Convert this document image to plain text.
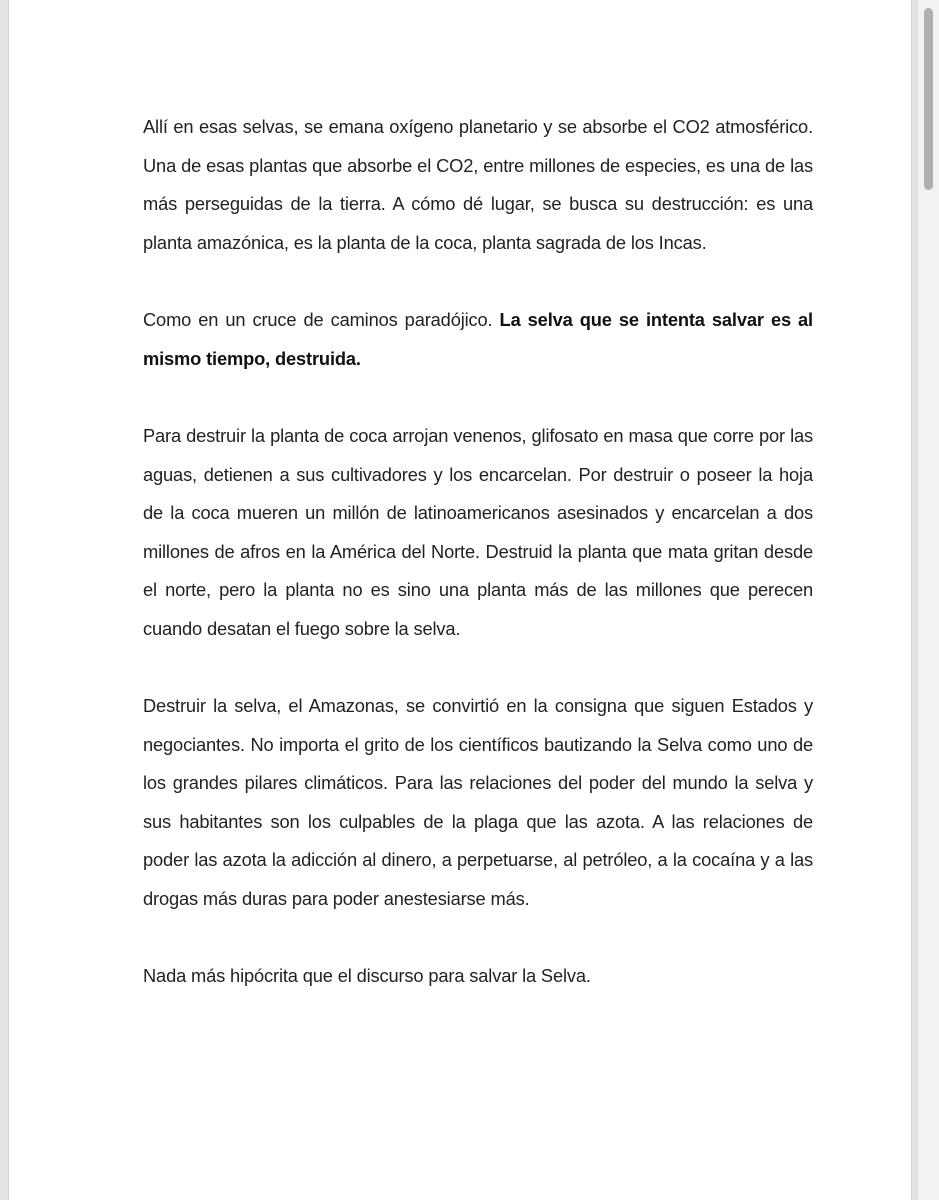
Allí en esas selvas, se emana oxígeno planetario y se absorbe el CO2 atmosférico. Una de esas plantas que absorbe el CO2, entre millones de especies, es una de las más perseguidas de la tierra. A cómo dé lugar, se busca su destrucción: es una planta amazónica, es la planta de la coca, planta sagrada de los Incas.

Como en un cruce de caminos paradójico. La selva que se intenta salvar es al mismo tiempo, destruida.

Para destruir la planta de coca arrojan venenos, glifosato en masa que corre por las aguas, detienen a sus cultivadores y los encarcelan. Por destruir o poseer la hoja de la coca mueren un millón de latinoamericanos asesinados y encarcelan a dos millones de afros en la América del Norte. Destruid la planta que mata gritan desde el norte, pero la planta no es sino una planta más de las millones que perecen cuando desatan el fuego sobre la selva.

Destruir la selva, el Amazonas, se convirtió en la consigna que siguen Estados y negociantes. No importa el grito de los científicos bautizando la Selva como uno de los grandes pilares climáticos. Para las relaciones del poder del mundo la selva y sus habitantes son los culpables de la plaga que las azota. A las relaciones de poder las azota la adicción al dinero, a perpetuarse, al petróleo, a la cocaína y a las drogas más duras para poder anestesiarse más.

Nada más hipócrita que el discurso para salvar la Selva.
